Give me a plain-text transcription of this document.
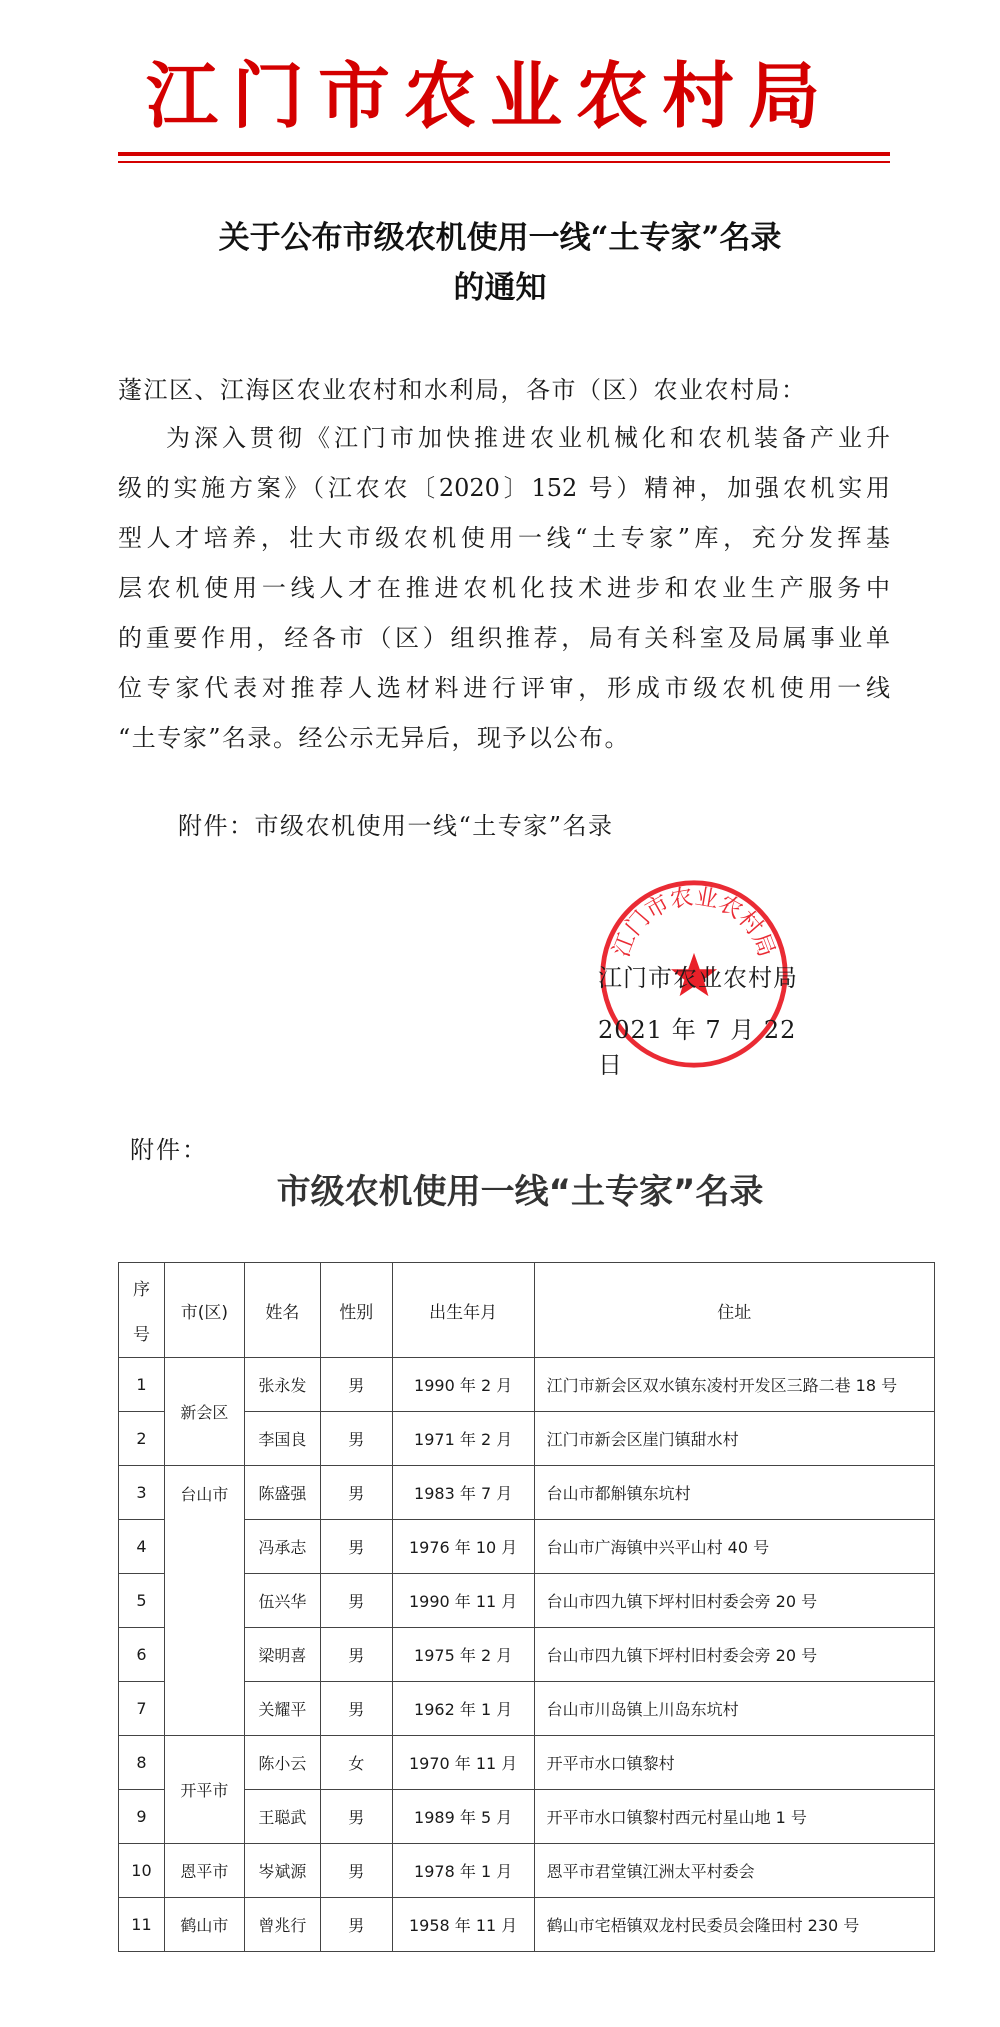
江门市农业农村局
关于公布市级农机使用一线“土专家”名录
的通知
蓬江区、江海区农业农村和水利局，各市（区）农业农村局：
为深入贯彻《江门市加快推进农业机械化和农机装备产业升
级的实施方案》（江农农〔2020〕152 号）精神，加强农机实用
型人才培养，壮大市级农机使用一线“土专家”库，充分发挥基
层农机使用一线人才在推进农机化技术进步和农业生产服务中
的重要作用，经各市（区）组织推荐，局有关科室及局属事业单
位专家代表对推荐人选材料进行评审，形成市级农机使用一线
“土专家”名录。经公示无异后，现予以公布。
附件：市级农机使用一线“土专家”名录
江门市农业农村局
江门市农业农村局
2021 年 7 月 22 日
附件：
市级农机使用一线“土专家”名录
序

号	市(区)	姓名	性别	出生年月	住址
1	新会区	张永发	男	1990 年 2 月	江门市新会区双水镇东凌村开发区三路二巷 18 号
2		李国良	男	1971 年 2 月	江门市新会区崖门镇甜水村
3	台山市	陈盛强	男	1983 年 7 月	台山市都斛镇东坑村
4		冯承志	男	1976 年 10 月	台山市广海镇中兴平山村 40 号
5		伍兴华	男	1990 年 11 月	台山市四九镇下坪村旧村委会旁 20 号
6		梁明喜	男	1975 年 2 月	台山市四九镇下坪村旧村委会旁 20 号
7		关耀平	男	1962 年 1 月	台山市川岛镇上川岛东坑村
8	开平市	陈小云	女	1970 年 11 月	开平市水口镇黎村
9		王聪武	男	1989 年 5 月	开平市水口镇黎村西元村星山地 1 号
10	恩平市	岑斌源	男	1978 年 1 月	恩平市君堂镇江洲太平村委会
11	鹤山市	曾兆行	男	1958 年 11 月	鹤山市宅梧镇双龙村民委员会隆田村 230 号
